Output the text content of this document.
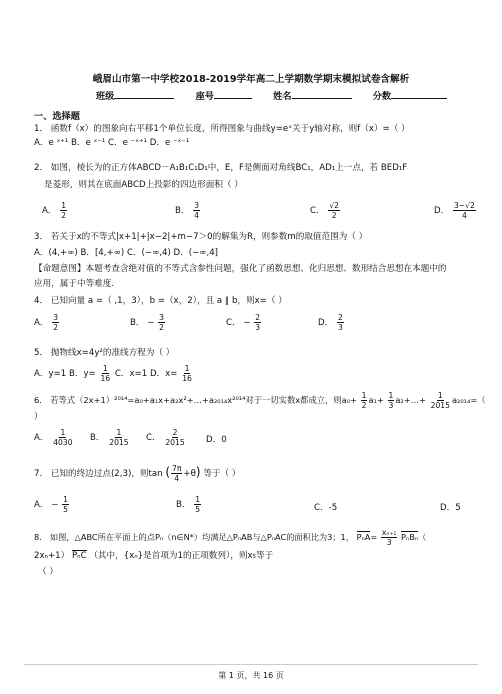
峨眉山市第一中学校2018-2019学年高二上学期数学期末模拟试卷含解析
班级	座号	姓名	分数
一、选择题
1． 函数f（x）的图象向右平移1个单位长度，所得图象与曲线y=eˣ关于y轴对称，则f（x）=（ ）
A．e ˣ⁺¹ B．e ˣ⁻¹ C．e ⁻ˣ⁺¹ D．e ⁻ˣ⁻¹
2． 如图，棱长为的正方体ABCD－A₁B₁C₁D₁中，E，F是侧面对角线BC₁，AD₁上一点，若 BED₁F
是菱形，则其在底面ABCD上投影的四边形面积（ ）
A． $\frac{1}{2}$	B． $\frac{3}{4}$	C． $\frac{√2}{2}$	D． $\frac{3-√2}{4}$
3． 若关于x的不等式|x+1|+|x−2|+m−7＞0的解集为R，则参数m的取值范围为（ ）
A．(4,+∞) B．[4,+∞) C．(−∞,4) D．(−∞,4]
【命题意图】本题考查含绝对值的不等式含参性问题，强化了函数思想、化归思想、数形结合思想在本题中的
应用，属于中等难度.
4． 已知向量 a =（ ,1，3），b =（x，2），且 a ∥ b，则x=（ ）
A． $\frac{3}{2}$	B． − $\frac{3}{2}$	C． − $\frac{2}{3}$	D． $\frac{2}{3}$
5． 抛物线x=4y²的准线方程为（ ）
A．y=1 B．$y= \frac{1}{16}$ C．x=1 D．$x= \frac{1}{16}$
6． 若等式（2x+1）²⁰¹⁴=a₀+a₁x+a₂x²+…+a₂₀₁₄x²⁰¹⁴对于一切实数x都成立，则$a_0+ \frac{1}{2} a_1+ \frac{1}{3}$ a₂+…+ $\frac{1}{2015} a_{2014}=$（
）
A． $\frac{1}{4030}$ B． $\frac{1}{2015}$ C． $\frac{2}{2015}$ D．0
7． 已知的终边过点(2,3)，则tan ( $\frac{7\pi}{4} +\theta$) 等于（ ）
A． − $\frac{1}{5}$	B． $\frac{1}{5}$	C．-5	D．5
8． 如图，△ABC所在平面上的点Pₙ（n∈N*）均满足△PₙAB与△PₙAC的面积比为3；1， $P_nA= \frac{\text{xₙ₊₁}}{3} P_nB_n$（
2xₙ+1） PₙC （其中，{xₙ}是首项为1的正项数列），则x₅等于
（ ）
第 1 页，共 16 页
